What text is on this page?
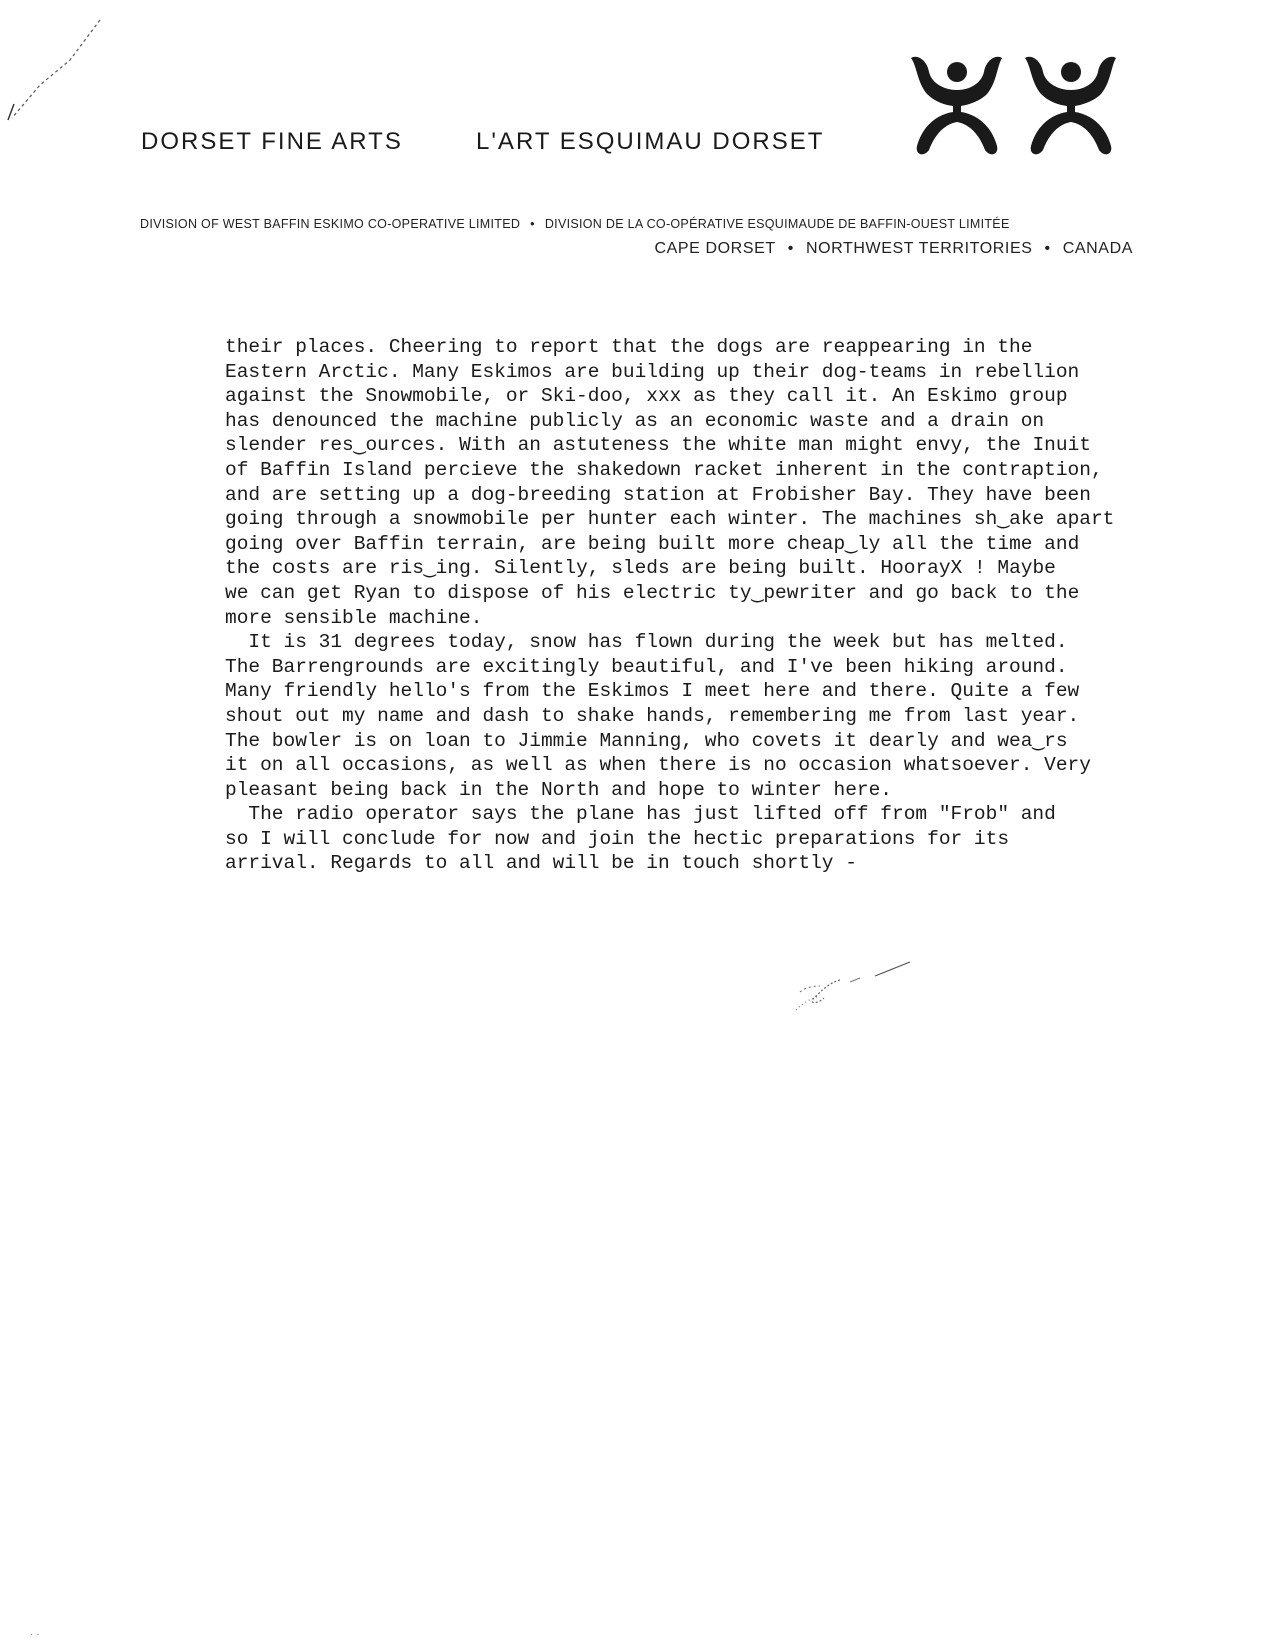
DORSET FINE ARTS	L'ART ESQUIMAU DORSET
DIVISION OF WEST BAFFIN ESKIMO CO-OPERATIVE LIMITED • DIVISION DE LA CO-OPÉRATIVE ESQUIMAUDE DE BAFFIN-OUEST LIMITÉE
CAPE DORSET • NORTHWEST TERRITORIES • CANADA
their places. Cheering to report that the dogs are reappearing in the
Eastern Arctic. Many Eskimos are building up their dog-teams in rebellion
against the Snowmobile, or Ski-doo, xxx as they call it. An Eskimo group
has denounced the machine publicly as an economic waste and a drain on
slender res‿ources. With an astuteness the white man might envy, the Inuit
of Baffin Island percieve the shakedown racket inherent in the contraption,
and are setting up a dog-breeding station at Frobisher Bay. They have been
going through a snowmobile per hunter each winter. The machines sh‿ake apart
going over Baffin terrain, are being built more cheap‿ly all the time and
the costs are ris‿ing. Silently, sleds are being built. HoorayX ! Maybe
we can get Ryan to dispose of his electric ty‿pewriter and go back to the
more sensible machine.
It is 31 degrees today, snow has flown during the week but has melted.
The Barrengrounds are excitingly beautiful, and I've been hiking around.
Many friendly hello's from the Eskimos I meet here and there. Quite a few
shout out my name and dash to shake hands, remembering me from last year.
The bowler is on loan to Jimmie Manning, who covets it dearly and wea‿rs
it on all occasions, as well as when there is no occasion whatsoever. Very
pleasant being back in the North and hope to winter here.
The radio operator says the plane has just lifted off from "Frob" and
so I will conclude for now and join the hectic preparations for its
arrival. Regards to all and will be in touch shortly -
· ·
